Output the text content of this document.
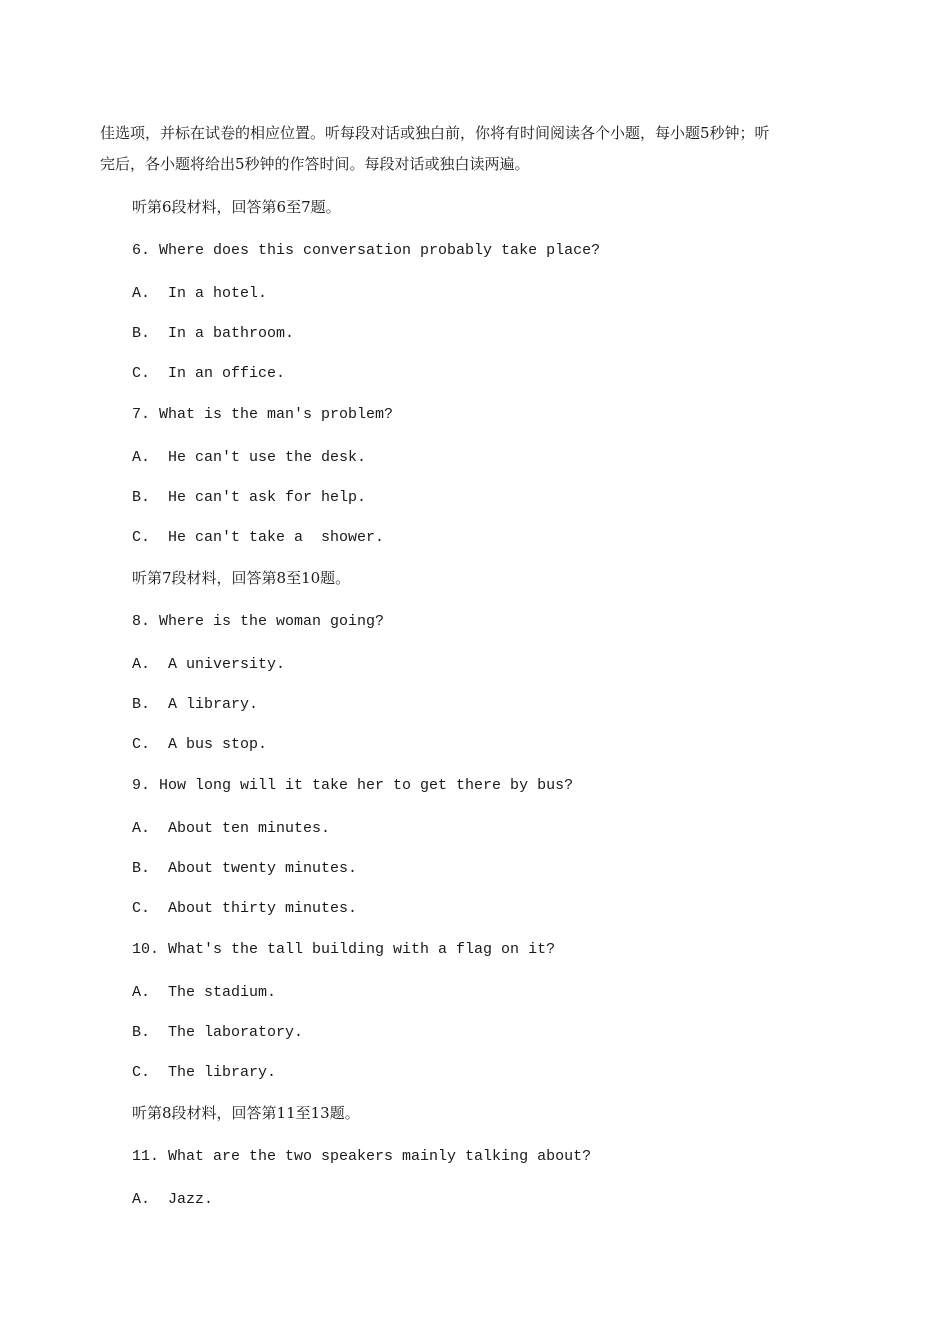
佳选项，并标在试卷的相应位置。听每段对话或独白前，你将有时间阅读各个小题，每小题5秒钟；听
完后，各小题将给出5秒钟的作答时间。每段对话或独白读两遍。
听第6段材料，回答第6至7题。
6. Where does this conversation probably take place?
A.  In a hotel.
B.  In a bathroom.
C.  In an office.
7. What is the man's problem?
A.  He can't use the desk.
B.  He can't ask for help.
C.  He can't take a  shower.
听第7段材料，回答第8至10题。
8. Where is the woman going?
A.  A university.
B.  A library.
C.  A bus stop.
9. How long will it take her to get there by bus?
A.  About ten minutes.
B.  About twenty minutes.
C.  About thirty minutes.
10. What's the tall building with a flag on it?
A.  The stadium.
B.  The laboratory.
C.  The library.
听第8段材料，回答第11至13题。
11. What are the two speakers mainly talking about?
A.  Jazz.
